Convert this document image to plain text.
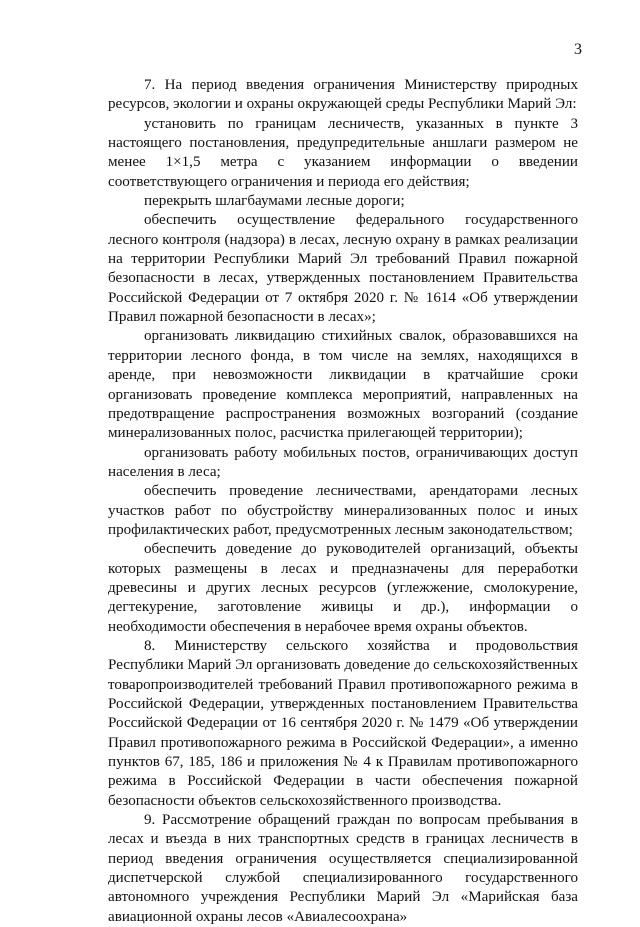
3

7. На период введения ограничения Министерству природных ресурсов, экологии и охраны окружающей среды Республики Марий Эл:

установить по границам лесничеств, указанных в пункте 3 настоящего постановления, предупредительные аншлаги размером не менее 1×1,5 метра с указанием информации о введении соответствующего ограничения и периода его действия;

перекрыть шлагбаумами лесные дороги;

обеспечить осуществление федерального государственного лесного контроля (надзора) в лесах, лесную охрану в рамках реализации на территории Республики Марий Эл требований Правил пожарной безопасности в лесах, утвержденных постановлением Правительства Российской Федерации от 7 октября 2020 г. № 1614 «Об утверждении Правил пожарной безопасности в лесах»;

организовать ликвидацию стихийных свалок, образовавшихся на территории лесного фонда, в том числе на землях, находящихся в аренде, при невозможности ликвидации в кратчайшие сроки организовать проведение комплекса мероприятий, направленных на предотвращение распространения возможных возгораний (создание минерализованных полос, расчистка прилегающей территории);

организовать работу мобильных постов, ограничивающих доступ населения в леса;

обеспечить проведение лесничествами, арендаторами лесных участков работ по обустройству минерализованных полос и иных профилактических работ, предусмотренных лесным законодательством;

обеспечить доведение до руководителей организаций, объекты которых размещены в лесах и предназначены для переработки древесины и других лесных ресурсов (углежжение, смолокурение, дегтекурение, заготовление живицы и др.), информации о необходимости обеспечения в нерабочее время охраны объектов.

8. Министерству сельского хозяйства и продовольствия Республики Марий Эл организовать доведение до сельскохозяйственных товаропроизводителей требований Правил противопожарного режима в Российской Федерации, утвержденных постановлением Правительства Российской Федерации от 16 сентября 2020 г. № 1479 «Об утверждении Правил противопожарного режима в Российской Федерации», а именно пунктов 67, 185, 186 и приложения № 4 к Правилам противопожарного режима в Российской Федерации в части обеспечения пожарной безопасности объектов сельскохозяйственного производства.

9. Рассмотрение обращений граждан по вопросам пребывания в лесах и въезда в них транспортных средств в границах лесничеств в период введения ограничения осуществляется специализированной диспетчерской службой специализированного государственного автономного учреждения Республики Марий Эл «Марийская база авиационной охраны лесов «Авиалесоохрана»
